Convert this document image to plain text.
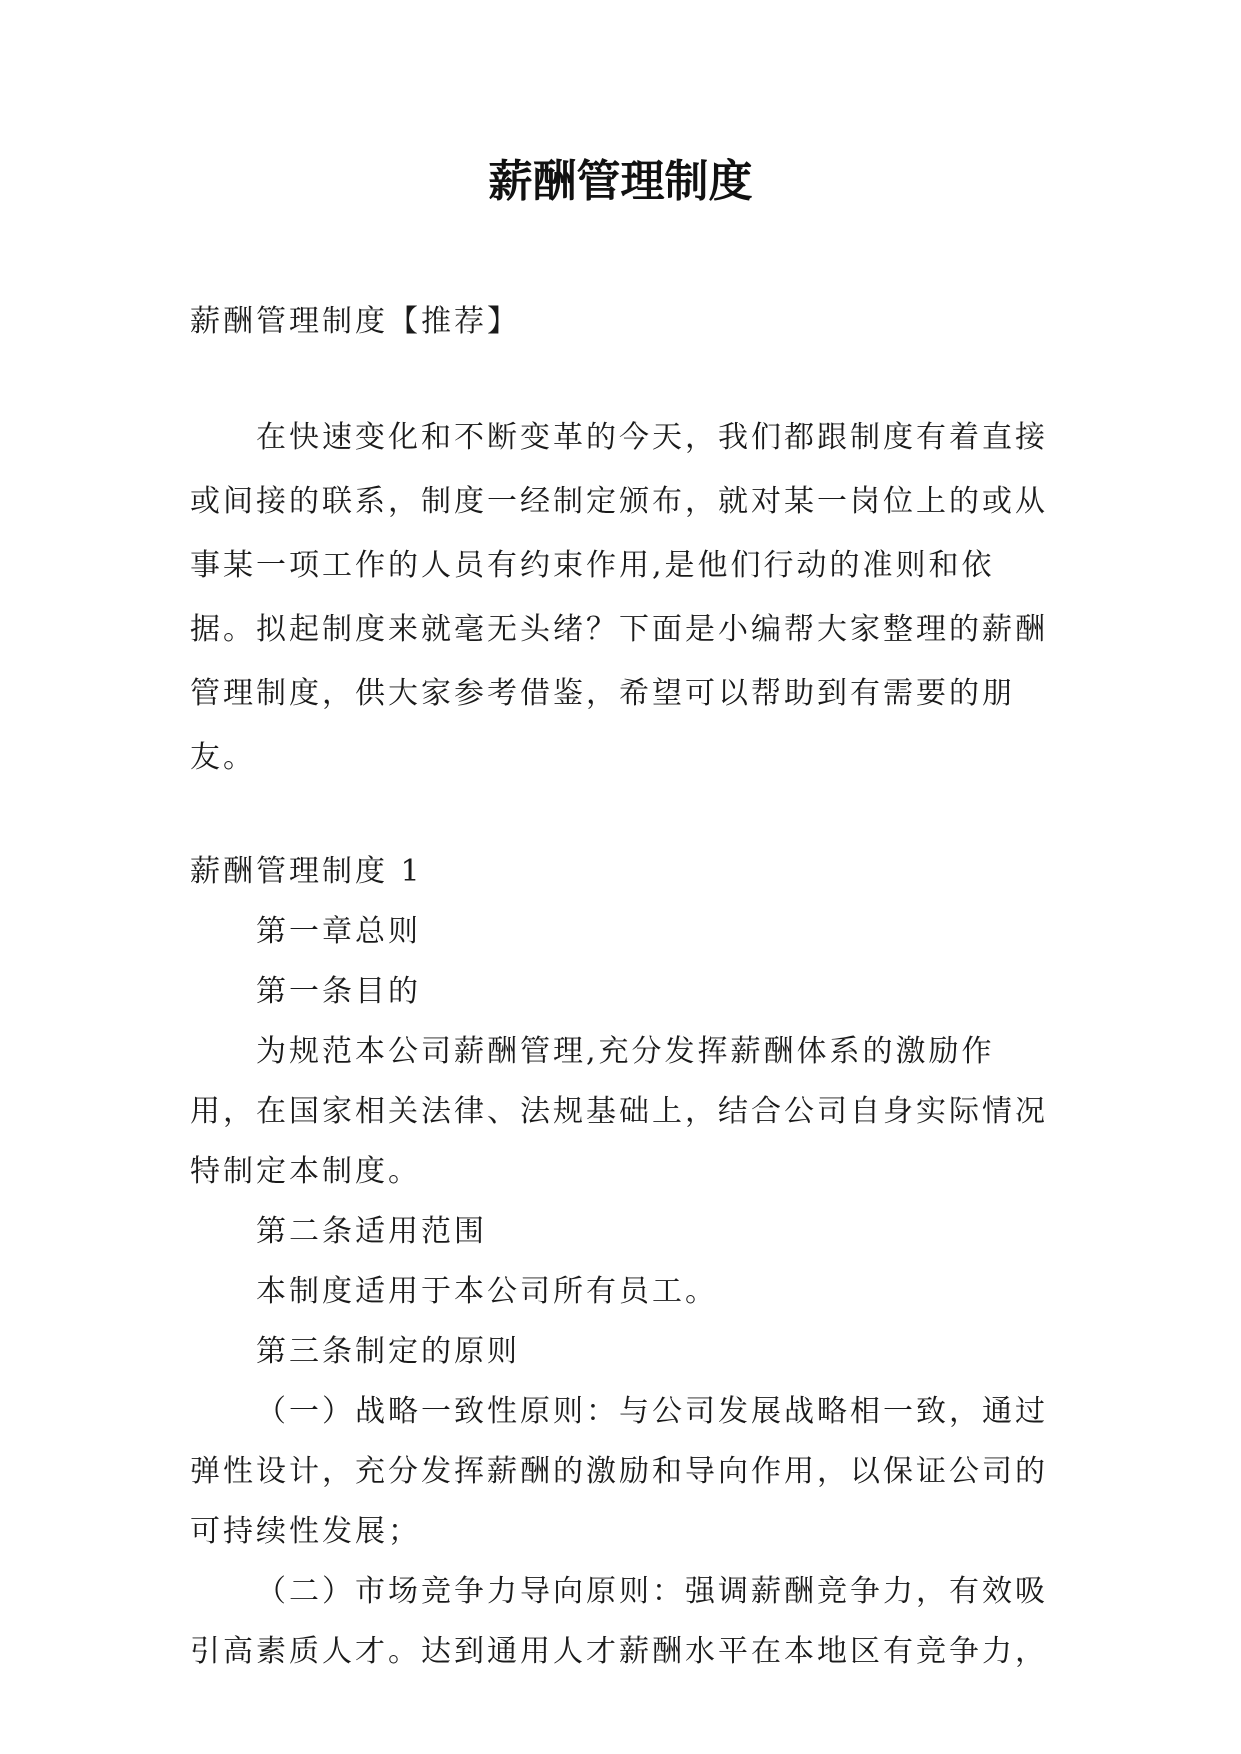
薪酬管理制度

薪酬管理制度【推荐】

在快速变化和不断变革的今天，我们都跟制度有着直接或间接的联系，制度一经制定颁布，就对某一岗位上的或从事某一项工作的人员有约束作用,是他们行动的准则和依据。拟起制度来就毫无头绪？下面是小编帮大家整理的薪酬管理制度，供大家参考借鉴，希望可以帮助到有需要的朋友。

薪酬管理制度 1

第一章总则

第一条目的

为规范本公司薪酬管理,充分发挥薪酬体系的激励作用，在国家相关法律、法规基础上，结合公司自身实际情况特制定本制度。

第二条适用范围

本制度适用于本公司所有员工。

第三条制定的原则

（一）战略一致性原则：与公司发展战略相一致，通过弹性设计，充分发挥薪酬的激励和导向作用，以保证公司的可持续性发展；

（二）市场竞争力导向原则：强调薪酬竞争力，有效吸引高素质人才。达到通用人才薪酬水平在本地区有竞争力，
